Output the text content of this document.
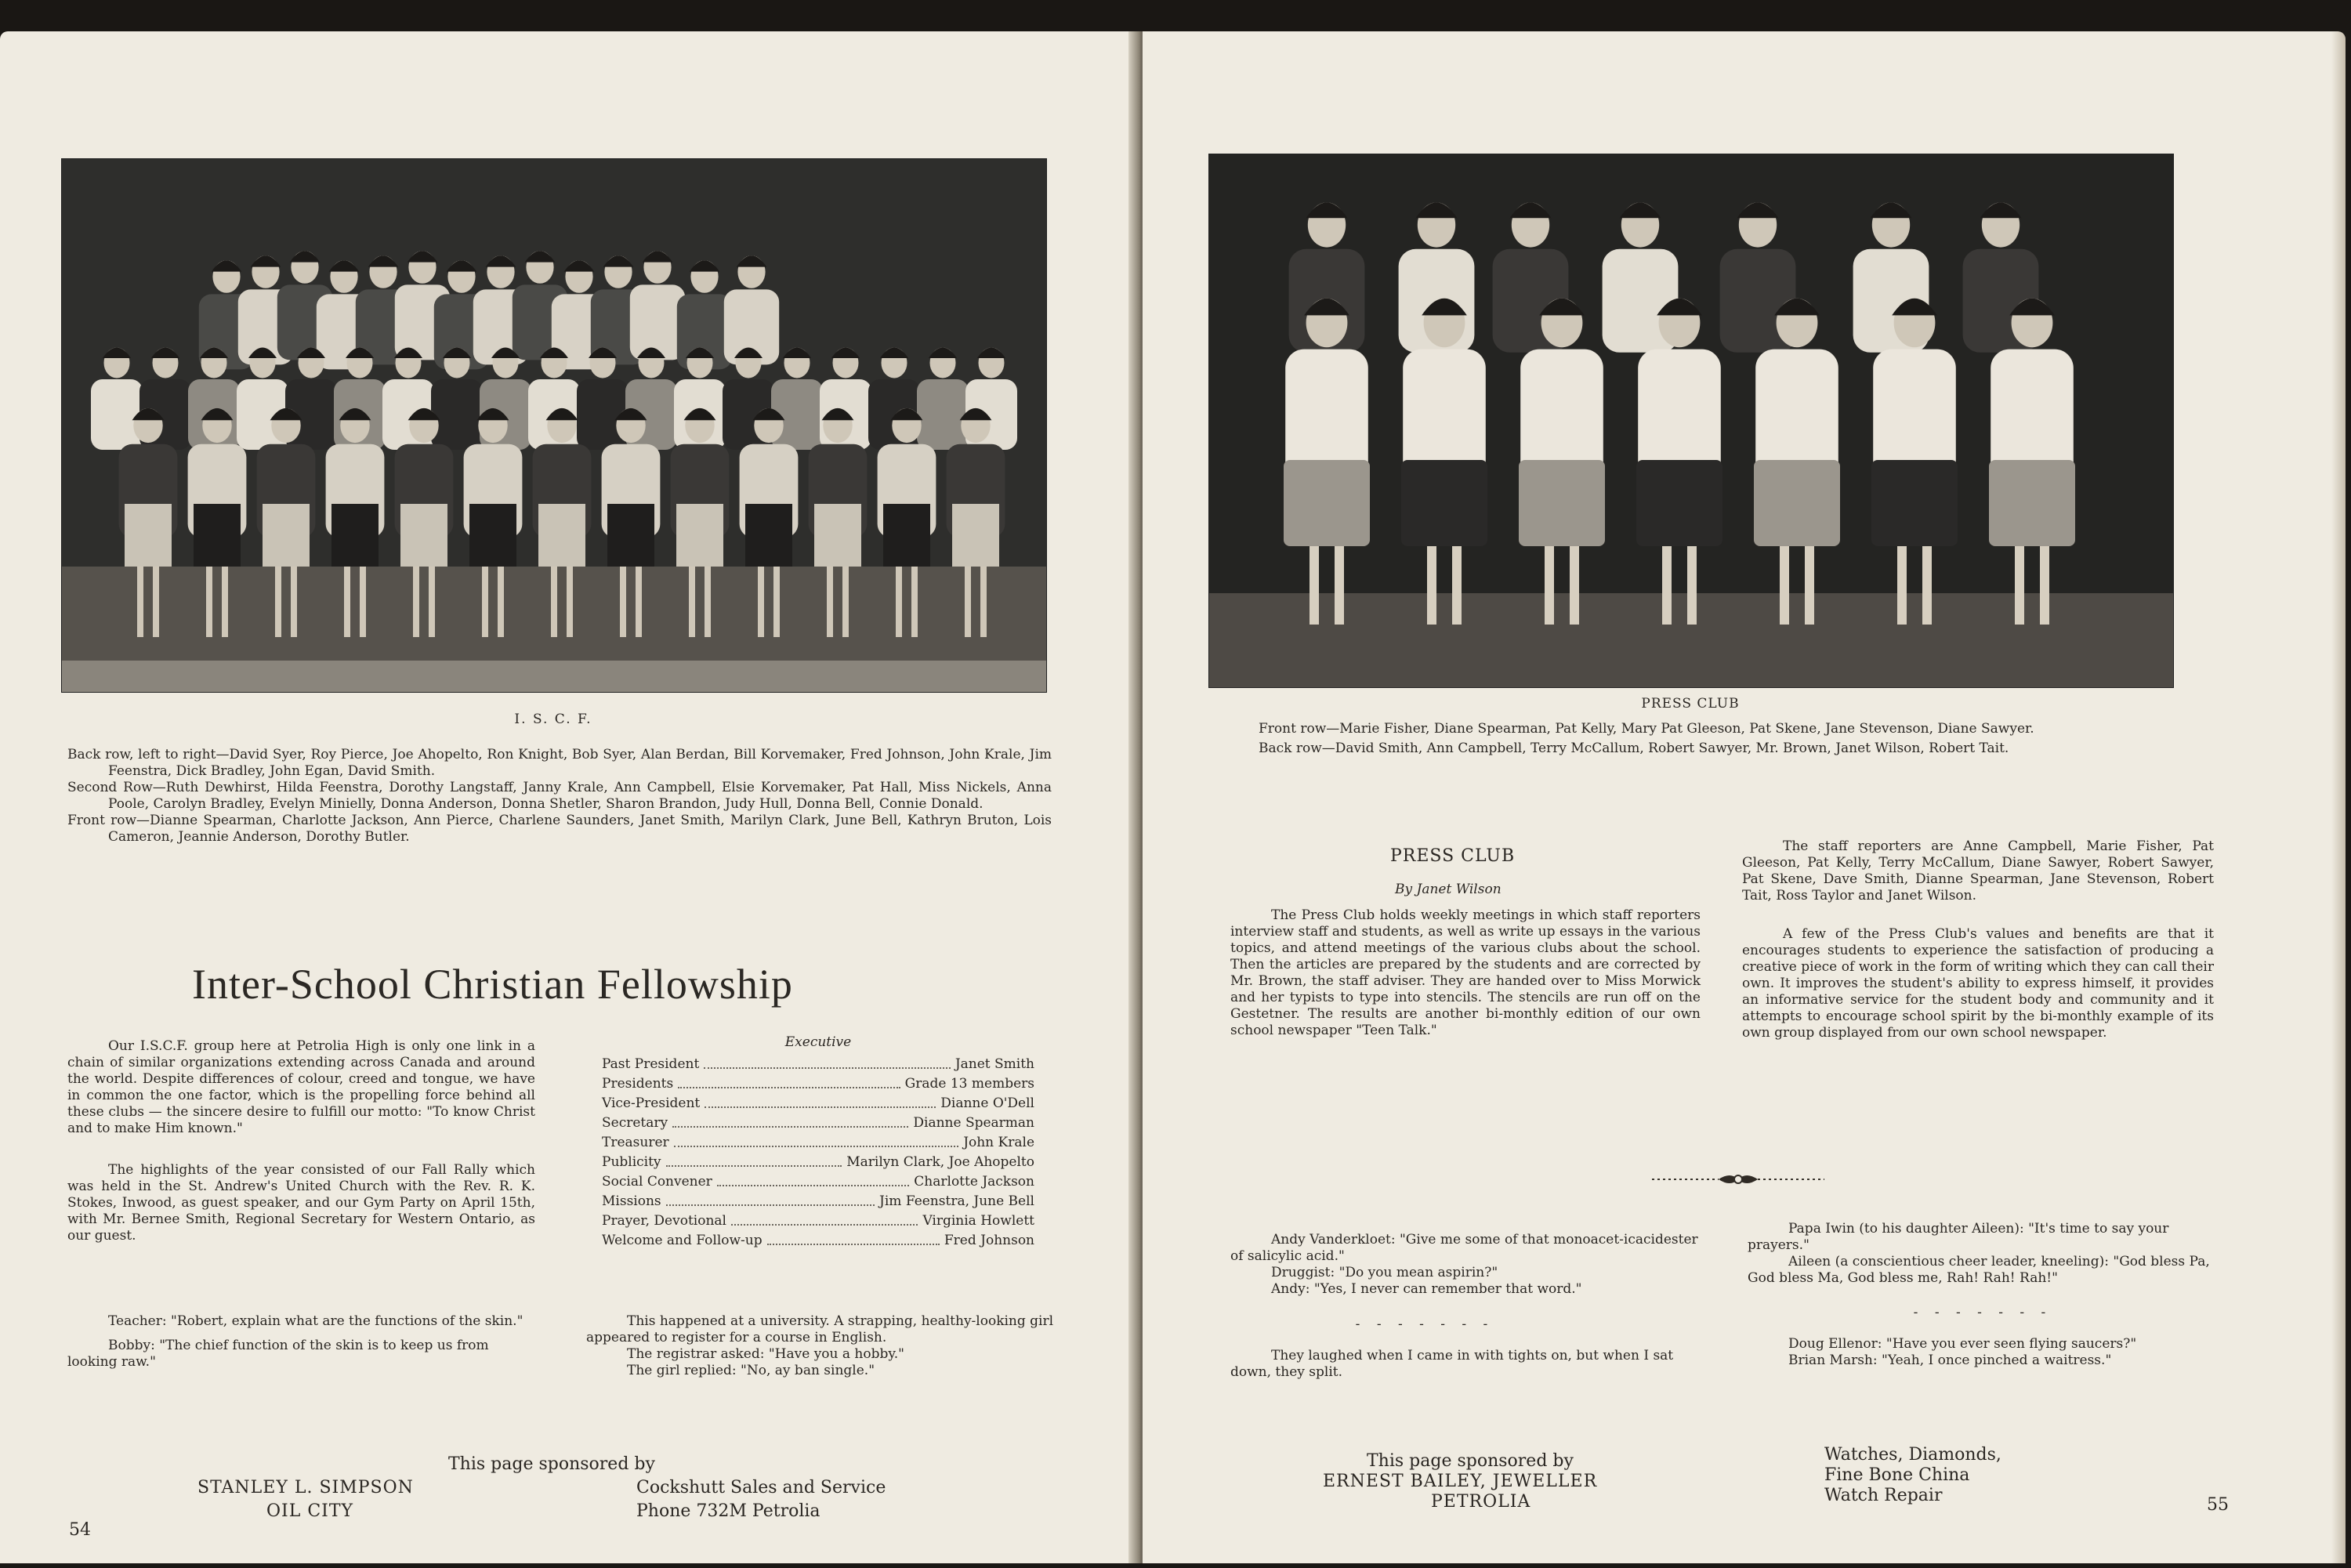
I. S. C. F.

Back row, left to right—David Syer, Roy Pierce, Joe Ahopelto, Ron Knight, Bob Syer, Alan Berdan, Bill Korvemaker, Fred Johnson, John Krale, Jim Feenstra, Dick Bradley, John Egan, David Smith.

Second Row—Ruth Dewhirst, Hilda Feenstra, Dorothy Langstaff, Janny Krale, Ann Campbell, Elsie Korvemaker, Pat Hall, Miss Nickels, Anna Poole, Carolyn Bradley, Evelyn Minielly, Donna Anderson, Donna Shetler, Sharon Brandon, Judy Hull, Donna Bell, Connie Donald.

Front row—Dianne Spearman, Charlotte Jackson, Ann Pierce, Charlene Saunders, Janet Smith, Marilyn Clark, June Bell, Kathryn Bruton, Lois Cameron, Jeannie Anderson, Dorothy Butler.

Inter-School Christian Fellowship

Our I.S.C.F. group here at Petrolia High is only one link in a chain of similar organizations extending across Canada and around the world. Despite differences of colour, creed and tongue, we have in common the one factor, which is the propelling force behind all these clubs — the sincere desire to fulfill our motto: "To know Christ and to make Him known."

The highlights of the year consisted of our Fall Rally which was held in the St. Andrew's United Church with the Rev. R. K. Stokes, Inwood, as guest speaker, and our Gym Party on April 15th, with Mr. Bernee Smith, Regional Secretary for Western Ontario, as our guest.

Executive
Past President	Janet Smith
Presidents	Grade 13 members
Vice-President	Dianne O'Dell
Secretary	Dianne Spearman
Treasurer	John Krale
Publicity	Marilyn Clark, Joe Ahopelto
Social Convener	Charlotte Jackson
Missions	Jim Feenstra, June Bell
Prayer, Devotional	Virginia Howlett
Welcome and Follow-up	Fred Johnson

Teacher: "Robert, explain what are the functions of the skin."

Bobby: "The chief function of the skin is to keep us from looking raw."

This happened at a university. A strapping, healthy-looking girl appeared to register for a course in English.

The registrar asked: "Have you a hobby."

The girl replied: "No, ay ban single."

This page sponsored by
STANLEY L. SIMPSON
OIL CITY
Cockshutt Sales and Service
Phone 732M Petrolia
54
PRESS CLUB

Front row—Marie Fisher, Diane Spearman, Pat Kelly, Mary Pat Gleeson, Pat Skene, Jane Stevenson, Diane Sawyer.

Back row—David Smith, Ann Campbell, Terry McCallum, Robert Sawyer, Mr. Brown, Janet Wilson, Robert Tait.

PRESS CLUB
By Janet Wilson

The Press Club holds weekly meetings in which staff reporters interview staff and students, as well as write up essays in the various topics, and attend meetings of the various clubs about the school. Then the articles are prepared by the students and are corrected by Mr. Brown, the staff adviser. They are handed over to Miss Morwick and her typists to type into stencils. The stencils are run off on the Gestetner. The results are another bi-monthly edition of our own school newspaper "Teen Talk."

The staff reporters are Anne Campbell, Marie Fisher, Pat Gleeson, Pat Kelly, Terry McCallum, Diane Sawyer, Robert Sawyer, Pat Skene, Dave Smith, Dianne Spearman, Jane Stevenson, Robert Tait, Ross Taylor and Janet Wilson.

A few of the Press Club's values and benefits are that it encourages students to experience the satisfaction of producing a creative piece of work in the form of writing which they can call their own. It improves the student's ability to express himself, it provides an informative service for the student body and community and it attempts to encourage school spirit by the bi-monthly example of its own group displayed from our own school newspaper.

Andy Vanderkloet: "Give me some of that monoacet-icacidester of salicylic acid."

Druggist: "Do you mean aspirin?"

Andy: "Yes, I never can remember that word."

- - - - - - -

They laughed when I came in with tights on, but when I sat down, they split.

Papa Iwin (to his daughter Aileen): "It's time to say your prayers."

Aileen (a conscientious cheer leader, kneeling): "God bless Pa, God bless Ma, God bless me, Rah! Rah! Rah!"

- - - - - - -

Doug Ellenor: "Have you ever seen flying saucers?"

Brian Marsh: "Yeah, I once pinched a waitress."

This page sponsored by
ERNEST BAILEY, JEWELLER
PETROLIA
Watches, Diamonds,
Fine Bone China
Watch Repair	55
